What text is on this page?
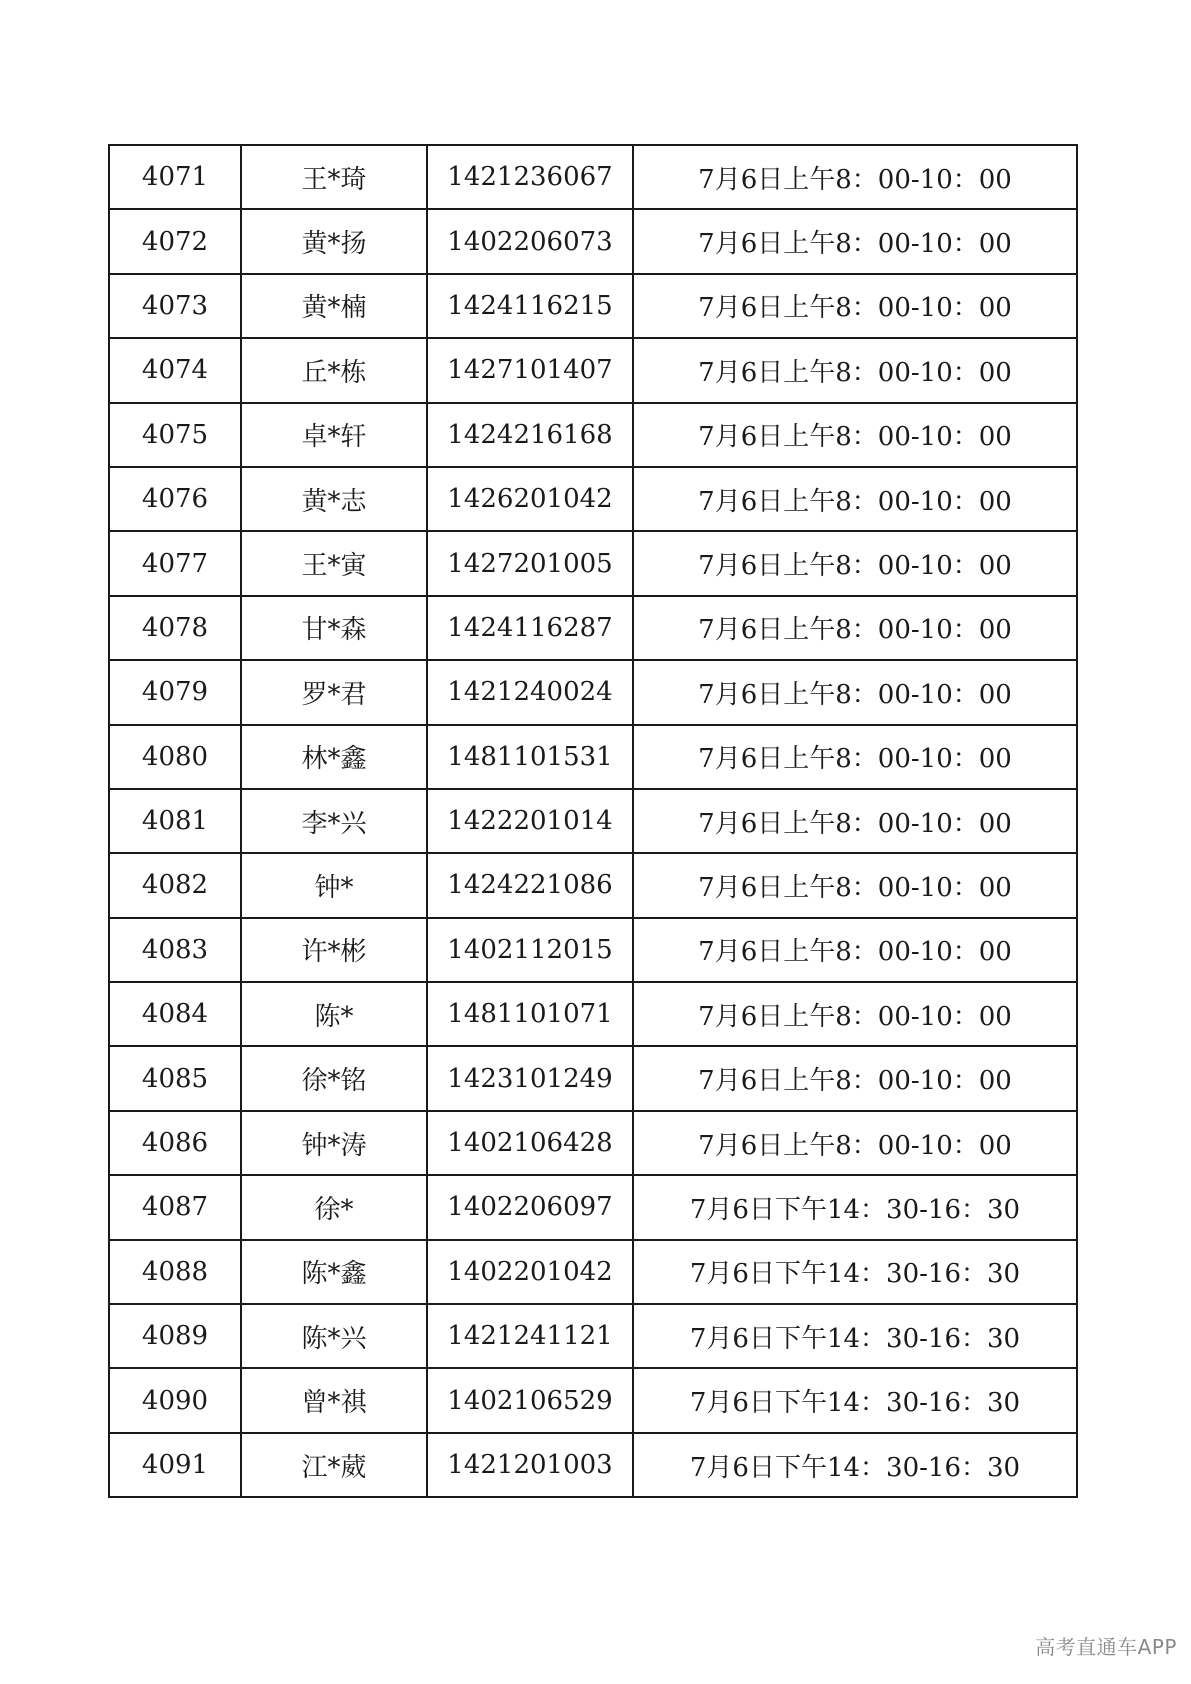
4071	王*琦	1421236067	7月6日上午8：00-10：00
4072	黄*扬	1402206073	7月6日上午8：00-10：00
4073	黄*楠	1424116215	7月6日上午8：00-10：00
4074	丘*栋	1427101407	7月6日上午8：00-10：00
4075	卓*轩	1424216168	7月6日上午8：00-10：00
4076	黄*志	1426201042	7月6日上午8：00-10：00
4077	王*寅	1427201005	7月6日上午8：00-10：00
4078	甘*森	1424116287	7月6日上午8：00-10：00
4079	罗*君	1421240024	7月6日上午8：00-10：00
4080	林*鑫	1481101531	7月6日上午8：00-10：00
4081	李*兴	1422201014	7月6日上午8：00-10：00
4082	钟*	1424221086	7月6日上午8：00-10：00
4083	许*彬	1402112015	7月6日上午8：00-10：00
4084	陈*	1481101071	7月6日上午8：00-10：00
4085	徐*铭	1423101249	7月6日上午8：00-10：00
4086	钟*涛	1402106428	7月6日上午8：00-10：00
4087	徐*	1402206097	7月6日下午14：30-16：30
4088	陈*鑫	1402201042	7月6日下午14：30-16：30
4089	陈*兴	1421241121	7月6日下午14：30-16：30
4090	曾*祺	1402106529	7月6日下午14：30-16：30
4091	江*葳	1421201003	7月6日下午14：30-16：30
高考直通车APP
